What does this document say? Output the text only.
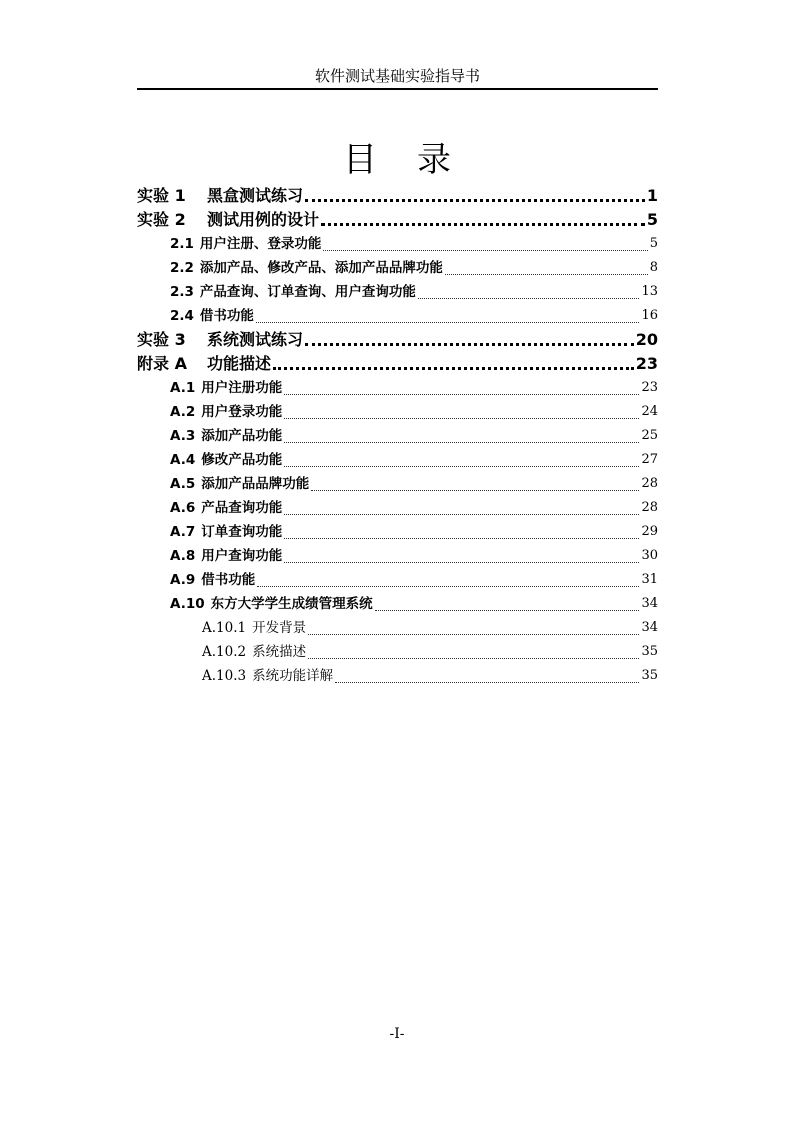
软件测试基础实验指导书
目 录
实验 1 黑盒测试练习	1
实验 2 测试用例的设计	5
2.1 用户注册、登录功能	5
2.2 添加产品、修改产品、添加产品品牌功能	8
2.3 产品查询、订单查询、用户查询功能	13
2.4 借书功能	16
实验 3 系统测试练习	20
附录 A 功能描述	23
A.1 用户注册功能	23
A.2 用户登录功能	24
A.3 添加产品功能	25
A.4 修改产品功能	27
A.5 添加产品品牌功能	28
A.6 产品查询功能	28
A.7 订单查询功能	29
A.8 用户查询功能	30
A.9 借书功能	31
A.10 东方大学学生成绩管理系统	34
A.10.1 开发背景	34
A.10.2 系统描述	35
A.10.3 系统功能详解	35
-I-
